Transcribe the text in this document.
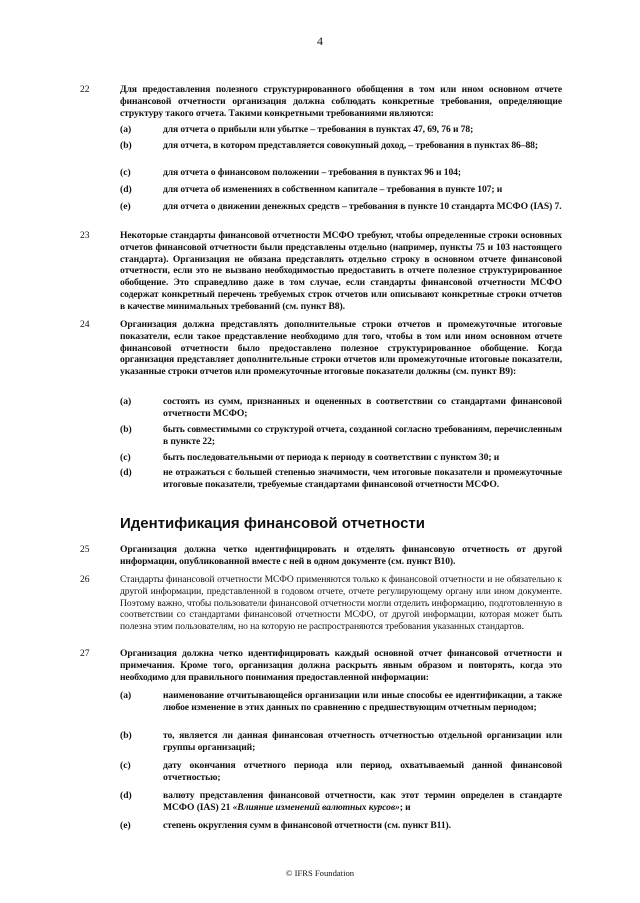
4
22	Для предоставления полезного структурированного обобщения в том или ином основном отчете финансовой отчетности организация должна соблюдать конкретные требования, определяющие структуру такого отчета. Такими конкретными требованиями являются:
(a)	для отчета о прибыли или убытке – требования в пунктах 47, 69, 76 и 78;
(b)	для отчета, в котором представляется совокупный доход, – требования в пунктах 86–88;
(c)	для отчета о финансовом положении – требования в пунктах 96 и 104;
(d)	для отчета об изменениях в собственном капитале – требования в пункте 107; и
(e)	для отчета о движении денежных средств – требования в пункте 10 стандарта МСФО (IAS) 7.
23	Некоторые стандарты финансовой отчетности МСФО требуют, чтобы определенные строки основных отчетов финансовой отчетности были представлены отдельно (например, пункты 75 и 103 настоящего стандарта). Организация не обязана представлять отдельно строку в основном отчете финансовой отчетности, если это не вызвано необходимостью предоставить в отчете полезное структурированное обобщение. Это справедливо даже в том случае, если стандарты финансовой отчетности МСФО содержат конкретный перечень требуемых строк отчетов или описывают конкретные строки отчетов в качестве минимальных требований (см. пункт B8).
24	Организация должна представлять дополнительные строки отчетов и промежуточные итоговые показатели, если такое представление необходимо для того, чтобы в том или ином основном отчете финансовой отчетности было предоставлено полезное структурированное обобщение. Когда организация представляет дополнительные строки отчетов или промежуточные итоговые показатели, указанные строки отчетов или промежуточные итоговые показатели должны (см. пункт B9):
(a)	состоять из сумм, признанных и оцененных в соответствии со стандартами финансовой отчетности МСФО;
(b)	быть совместимыми со структурой отчета, созданной согласно требованиям, перечисленным в пункте 22;
(c)	быть последовательными от периода к периоду в соответствии с пунктом 30; и
(d)	не отражаться с большей степенью значимости, чем итоговые показатели и промежуточные итоговые показатели, требуемые стандартами финансовой отчетности МСФО.
Идентификация финансовой отчетности
25	Организация должна четко идентифицировать и отделять финансовую отчетность от другой информации, опубликованной вместе с ней в одном документе (см. пункт B10).
26	Стандарты финансовой отчетности МСФО применяются только к финансовой отчетности и не обязательно к другой информации, представленной в годовом отчете, отчете регулирующему органу или ином документе. Поэтому важно, чтобы пользователи финансовой отчетности могли отделить информацию, подготовленную в соответствии со стандартами финансовой отчетности МСФО, от другой информации, которая может быть полезна этим пользователям, но на которую не распространяются требования указанных стандартов.
27	Организация должна четко идентифицировать каждый основной отчет финансовой отчетности и примечания. Кроме того, организация должна раскрыть явным образом и повторять, когда это необходимо для правильного понимания предоставленной информации:
(a)	наименование отчитывающейся организации или иные способы ее идентификации, а также любое изменение в этих данных по сравнению с предшествующим отчетным периодом;
(b)	то, является ли данная финансовая отчетность отчетностью отдельной организации или группы организаций;
(c)	дату окончания отчетного периода или период, охватываемый данной финансовой отчетностью;
(d)	валюту представления финансовой отчетности, как этот термин определен в стандарте МСФО (IAS) 21 «Влияние изменений валютных курсов»; и
(e)	степень округления сумм в финансовой отчетности (см. пункт B11).
© IFRS Foundation
